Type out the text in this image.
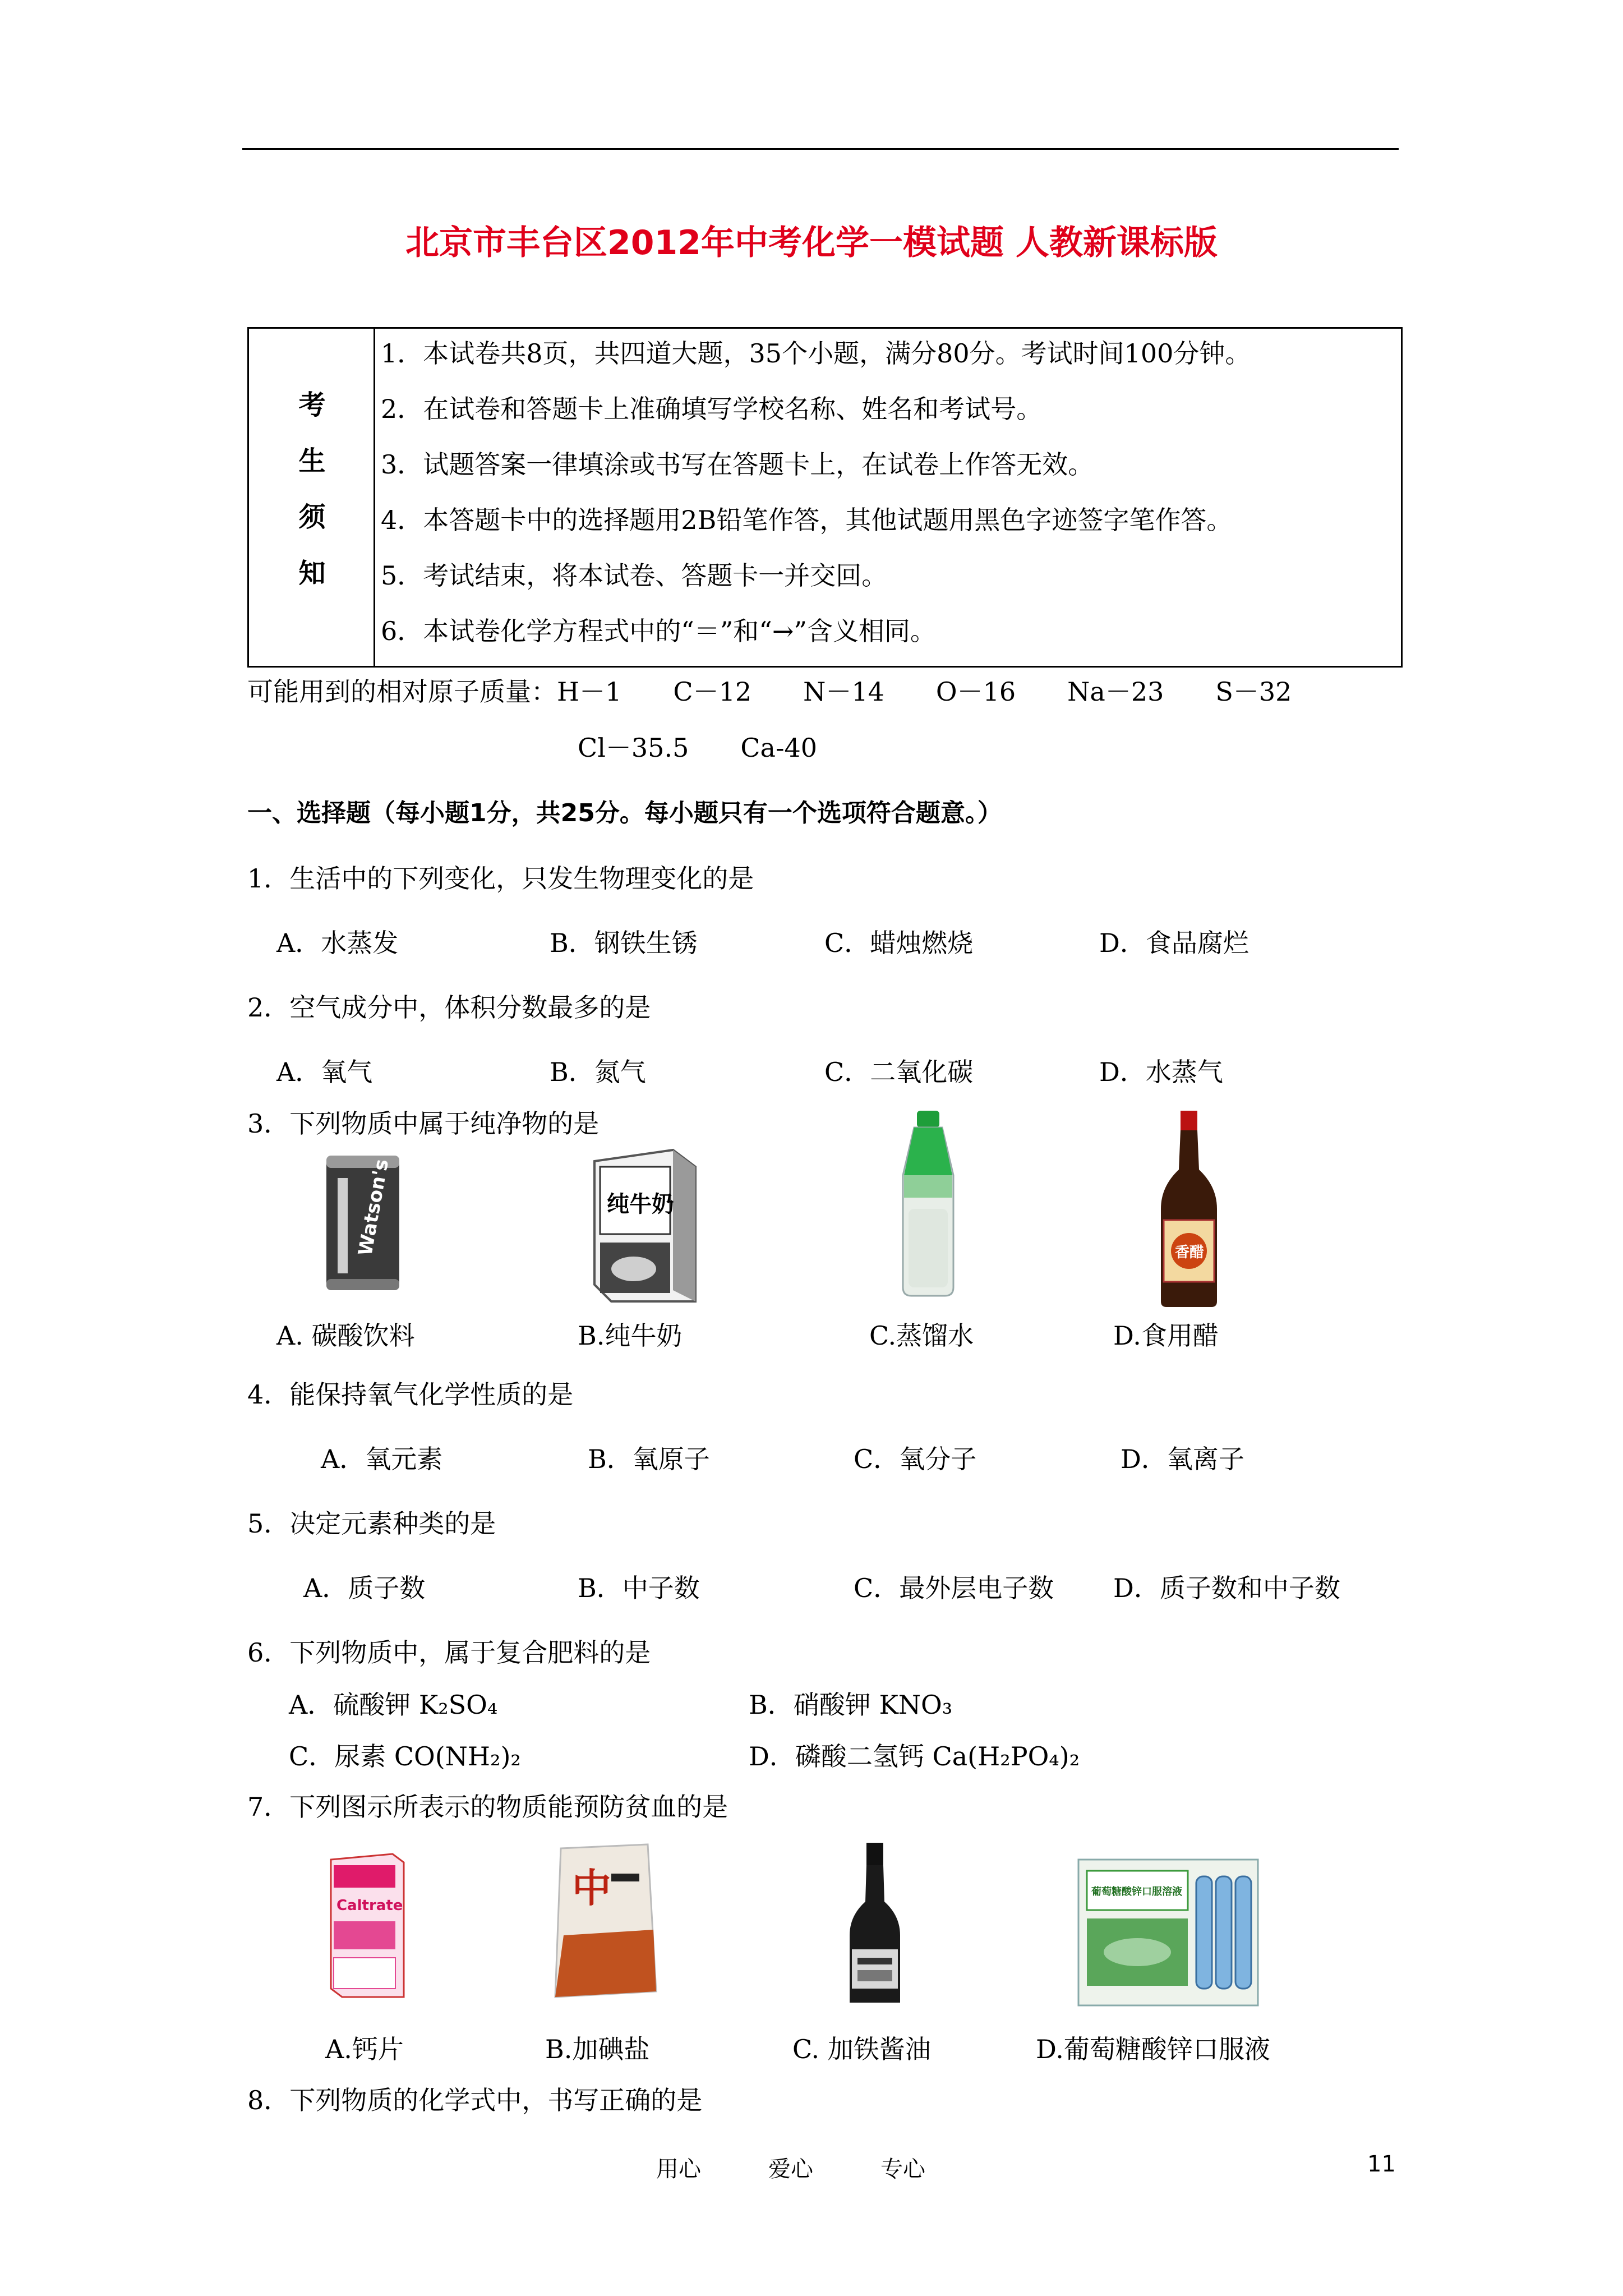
北京市丰台区2012年中考化学一模试题 人教新课标版
考
生
须
知
1．本试卷共8页，共四道大题，35个小题，满分80分。考试时间100分钟。
2．在试卷和答题卡上准确填写学校名称、姓名和考试号。
3．试题答案一律填涂或书写在答题卡上，在试卷上作答无效。
4．本答题卡中的选择题用2B铅笔作答，其他试题用黑色字迹签字笔作答。
5．考试结束，将本试卷、答题卡一并交回。
6．本试卷化学方程式中的“＝”和“→”含义相同。
可能用到的相对原子质量：H－1　　C－12　　N－14　　O－16　　Na－23　　S－32
Cl－35.5　　Ca-40
一、选择题（每小题1分，共25分。每小题只有一个选项符合题意。）
1．生活中的下列变化，只发生物理变化的是
A．水蒸发	B．钢铁生锈	C．蜡烛燃烧	D．食品腐烂
2．空气成分中，体积分数最多的是
A．氧气	B．氮气	C．二氧化碳	D．水蒸气
3．下列物质中属于纯净物的是
Watson's	纯牛奶
香醋
A. 碳酸饮料	B.纯牛奶	C.蒸馏水	D.食用醋
4．能保持氧气化学性质的是
A．氧元素	B．氧原子	C．氧分子	D．氧离子
5．决定元素种类的是
A．质子数	B．中子数	C．最外层电子数 D．质子数和中子数
6．下列物质中，属于复合肥料的是
A．硫酸钾 K₂SO₄	B．硝酸钾 KNO₃
C．尿素 CO(NH₂)₂	D．磷酸二氢钙 Ca(H₂PO₄)₂
7．下列图示所表示的物质能预防贫血的是
Caltrate	中	葡萄糖酸锌口服溶液
A.钙片	B.加碘盐	C. 加铁酱油	D.葡萄糖酸锌口服液
8．下列物质的化学式中，书写正确的是
用心	爱心	专心	11
